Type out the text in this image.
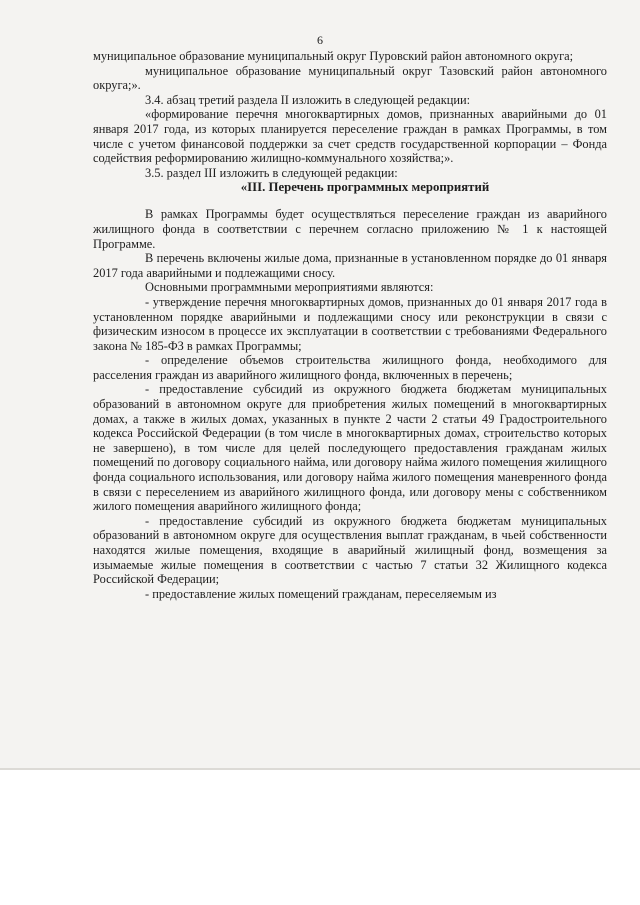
6

муниципальное образование муниципальный округ Пуровский район автономного округа;

муниципальное образование муниципальный округ Тазовский район автономного округа;».

3.4. абзац третий раздела II изложить в следующей редакции:

«формирование перечня многоквартирных домов, признанных аварийными до 01 января 2017 года, из которых планируется переселение граждан в рамках Программы, в том числе с учетом финансовой поддержки за счет средств государственной корпорации – Фонда содействия реформированию жилищно-коммунального хозяйства;».

3.5. раздел III изложить в следующей редакции:

«III. Перечень программных мероприятий

В рамках Программы будет осуществляться переселение граждан из аварийного жилищного фонда в соответствии с перечнем согласно приложению № 1 к настоящей Программе.

В перечень включены жилые дома, признанные в установленном порядке до 01 января 2017 года аварийными и подлежащими сносу.

Основными программными мероприятиями являются:

- утверждение перечня многоквартирных домов, признанных до 01 января 2017 года в установленном порядке аварийными и подлежащими сносу или реконструкции в связи с физическим износом в процессе их эксплуатации в соответствии с требованиями Федерального закона № 185-ФЗ в рамках Программы;

- определение объемов строительства жилищного фонда, необходимого для расселения граждан из аварийного жилищного фонда, включенных в перечень;

- предоставление субсидий из окружного бюджета бюджетам муниципальных образований в автономном округе для приобретения жилых помещений в многоквартирных домах, а также в жилых домах, указанных в пункте 2 части 2 статьи 49 Градостроительного кодекса Российской Федерации (в том числе в многоквартирных домах, строительство которых не завершено), в том числе для целей последующего предоставления гражданам жилых помещений по договору социального найма, или договору найма жилого помещения жилищного фонда социального использования, или договору найма жилого помещения маневренного фонда в связи с переселением из аварийного жилищного фонда, или договору мены с собственником жилого помещения аварийного жилищного фонда;

- предоставление субсидий из окружного бюджета бюджетам муниципальных образований в автономном округе для осуществления выплат гражданам, в чьей собственности находятся жилые помещения, входящие в аварийный жилищный фонд, возмещения за изымаемые жилые помещения в соответствии с частью 7 статьи 32 Жилищного кодекса Российской Федерации;

- предоставление жилых помещений гражданам, переселяемым из
